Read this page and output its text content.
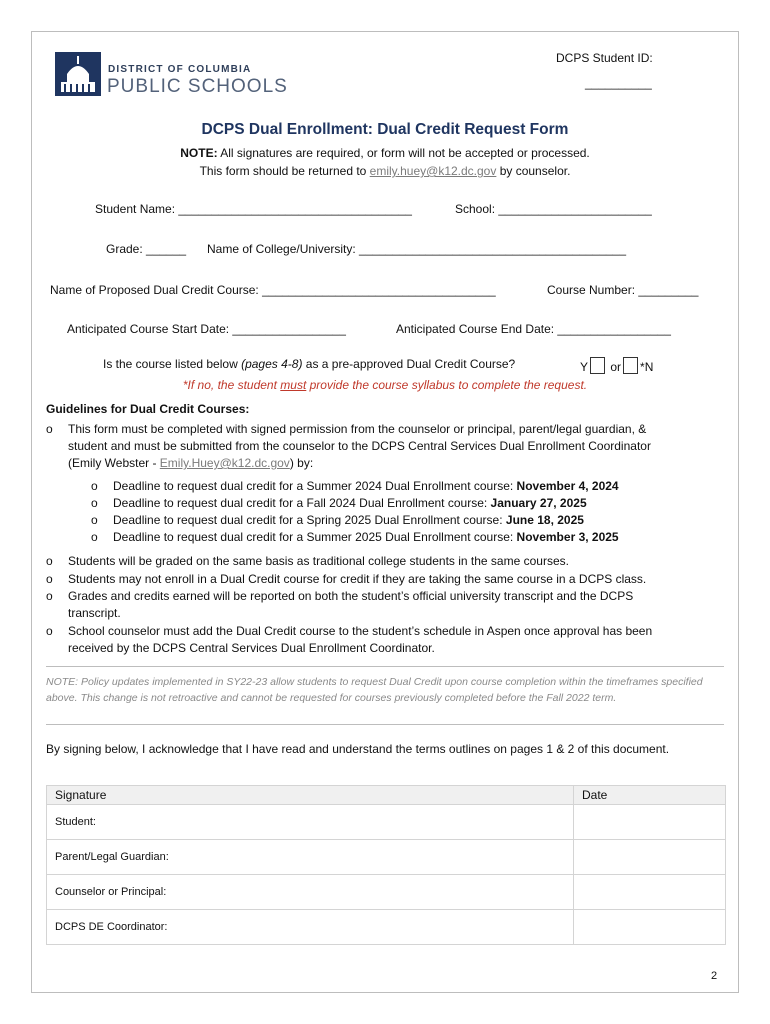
DISTRICT OF COLUMBIA
PUBLIC SCHOOLS
DCPS Student ID:
__________
DCPS Dual Enrollment: Dual Credit Request Form
NOTE: All signatures are required, or form will not be accepted or processed.
This form should be returned to emily.huey@k12.dc.gov by counselor.
Student Name: ___________________________________	School: _______________________
Grade: ______ Name of College/University: ________________________________________
Name of Proposed Dual Credit Course: ___________________________________	Course Number: _________
Anticipated Course Start Date: _________________	Anticipated Course End Date: _________________
Is the course listed below (pages 4-8) as a pre-approved Dual Credit Course?	Y or *N
*If no, the student must provide the course syllabus to complete the request.
Guidelines for Dual Credit Courses:
o This form must be completed with signed permission from the counselor or principal, parent/legal guardian, &
student and must be submitted from the counselor to the DCPS Central Services Dual Enrollment Coordinator
(Emily Webster - Emily.Huey@k12.dc.gov) by:
o Deadline to request dual credit for a Summer 2024 Dual Enrollment course: November 4, 2024
o Deadline to request dual credit for a Fall 2024 Dual Enrollment course: January 27, 2025
o Deadline to request dual credit for a Spring 2025 Dual Enrollment course: June 18, 2025
o Deadline to request dual credit for a Summer 2025 Dual Enrollment course: November 3, 2025
o Students will be graded on the same basis as traditional college students in the same courses.
o Students may not enroll in a Dual Credit course for credit if they are taking the same course in a DCPS class.
o Grades and credits earned will be reported on both the student’s official university transcript and the DCPS
transcript.
o School counselor must add the Dual Credit course to the student’s schedule in Aspen once approval has been
received by the DCPS Central Services Dual Enrollment Coordinator.
NOTE: Policy updates implemented in SY22-23 allow students to request Dual Credit upon course completion within the timeframes specified above. This change is not retroactive and cannot be requested for courses previously completed before the Fall 2022 term.
By signing below, I acknowledge that I have read and understand the terms outlines on pages 1 & 2 of this document.
Signature	Date
Student:	
Parent/Legal Guardian:	
Counselor or Principal:	
DCPS DE Coordinator:	
2
